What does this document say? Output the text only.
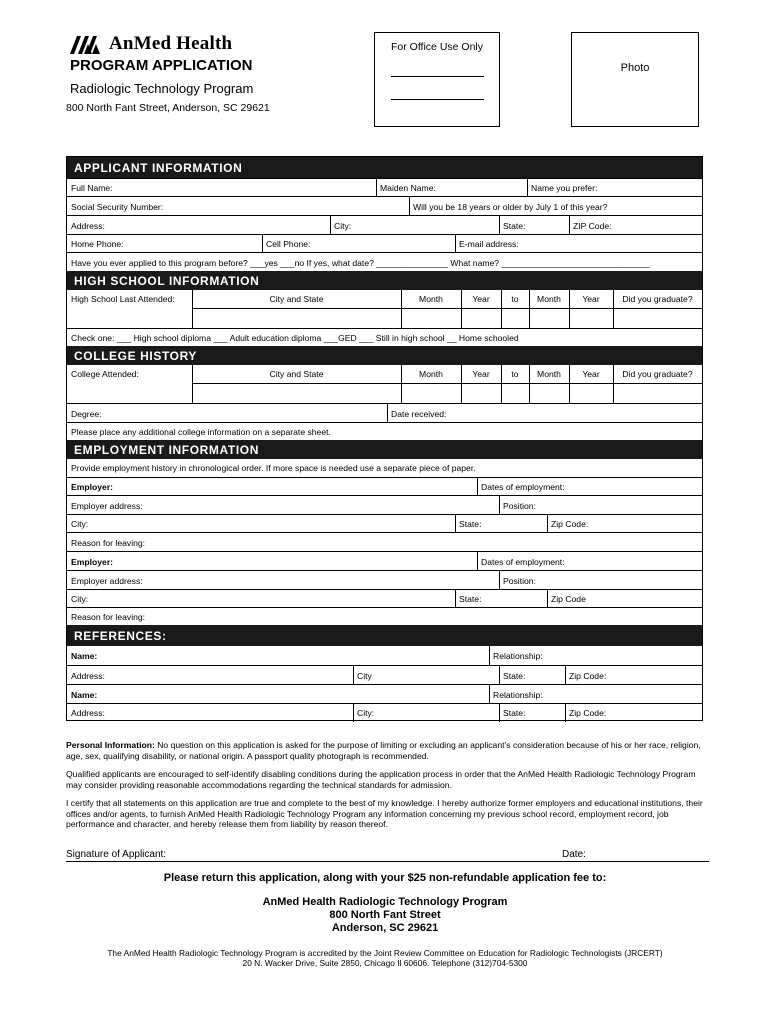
AnMed Health
PROGRAM APPLICATION
Radiologic Technology Program
800 North Fant Street, Anderson, SC 29621
For Office Use Only
Photo
APPLICANT INFORMATION
Full Name:	Maiden Name:	Name you prefer:
Social Security Number:	Will you be 18 years or older by July 1 of this year?
Address:	City:	State:	ZIP Code:
Home Phone:	Cell Phone:	E-mail address:
Have you ever applied to this program before? ___yes ___no If yes, what date? _______________ What name? _______________________________
HIGH SCHOOL INFORMATION
High School Last Attended:	City and State	Month	Year	to	Month	Year	Did you graduate?
Check one: ___ High school diploma ___ Adult education diploma ___GED ___ Still in high school __ Home schooled
COLLEGE HISTORY
College Attended:	City and State	Month	Year	to	Month	Year	Did you graduate?
Degree:	Date received:
Please place any additional college information on a separate sheet.
EMPLOYMENT INFORMATION
Provide employment history in chronological order. If more space is needed use a separate piece of paper.
Employer:	Dates of employment:
Employer address:	Position:
City:	State:	Zip Code:
Reason for leaving:
Employer:	Dates of employment:
Employer address:	Position:
City:	State:	Zip Code
Reason for leaving:
REFERENCES:
Name:	Relationship:
Address:	City	State:	Zip Code:
Name:	Relationship:
Address:	City:	State:	Zip Code:
Personal Information: No question on this application is asked for the purpose of limiting or excluding an applicant’s consideration because of his or her race, religion, age, sex, qualifying disability, or national origin. A passport quality photograph is recommended.
Qualified applicants are encouraged to self-identify disabling conditions during the application process in order that the AnMed Health Radiologic Technology Program may consider providing reasonable accommodations regarding the technical standards for admission.
I certify that all statements on this application are true and complete to the best of my knowledge. I hereby authorize former employers and educational institutions, their offices and/or agents, to furnish AnMed Health Radiologic Technology Program any information concerning my previous school record, employment record, job performance and character, and hereby release them from liability by reason thereof.
Signature of Applicant:	Date:
Please return this application, along with your $25 non-refundable application fee to:
AnMed Health Radiologic Technology Program
800 North Fant Street
Anderson, SC 29621
The AnMed Health Radiologic Technology Program is accredited by the Joint Review Committee on Education for Radiologic Technologists (JRCERT)
20 N. Wacker Drive, Suite 2850, Chicago Il 60606. Telephone (312)704-5300
